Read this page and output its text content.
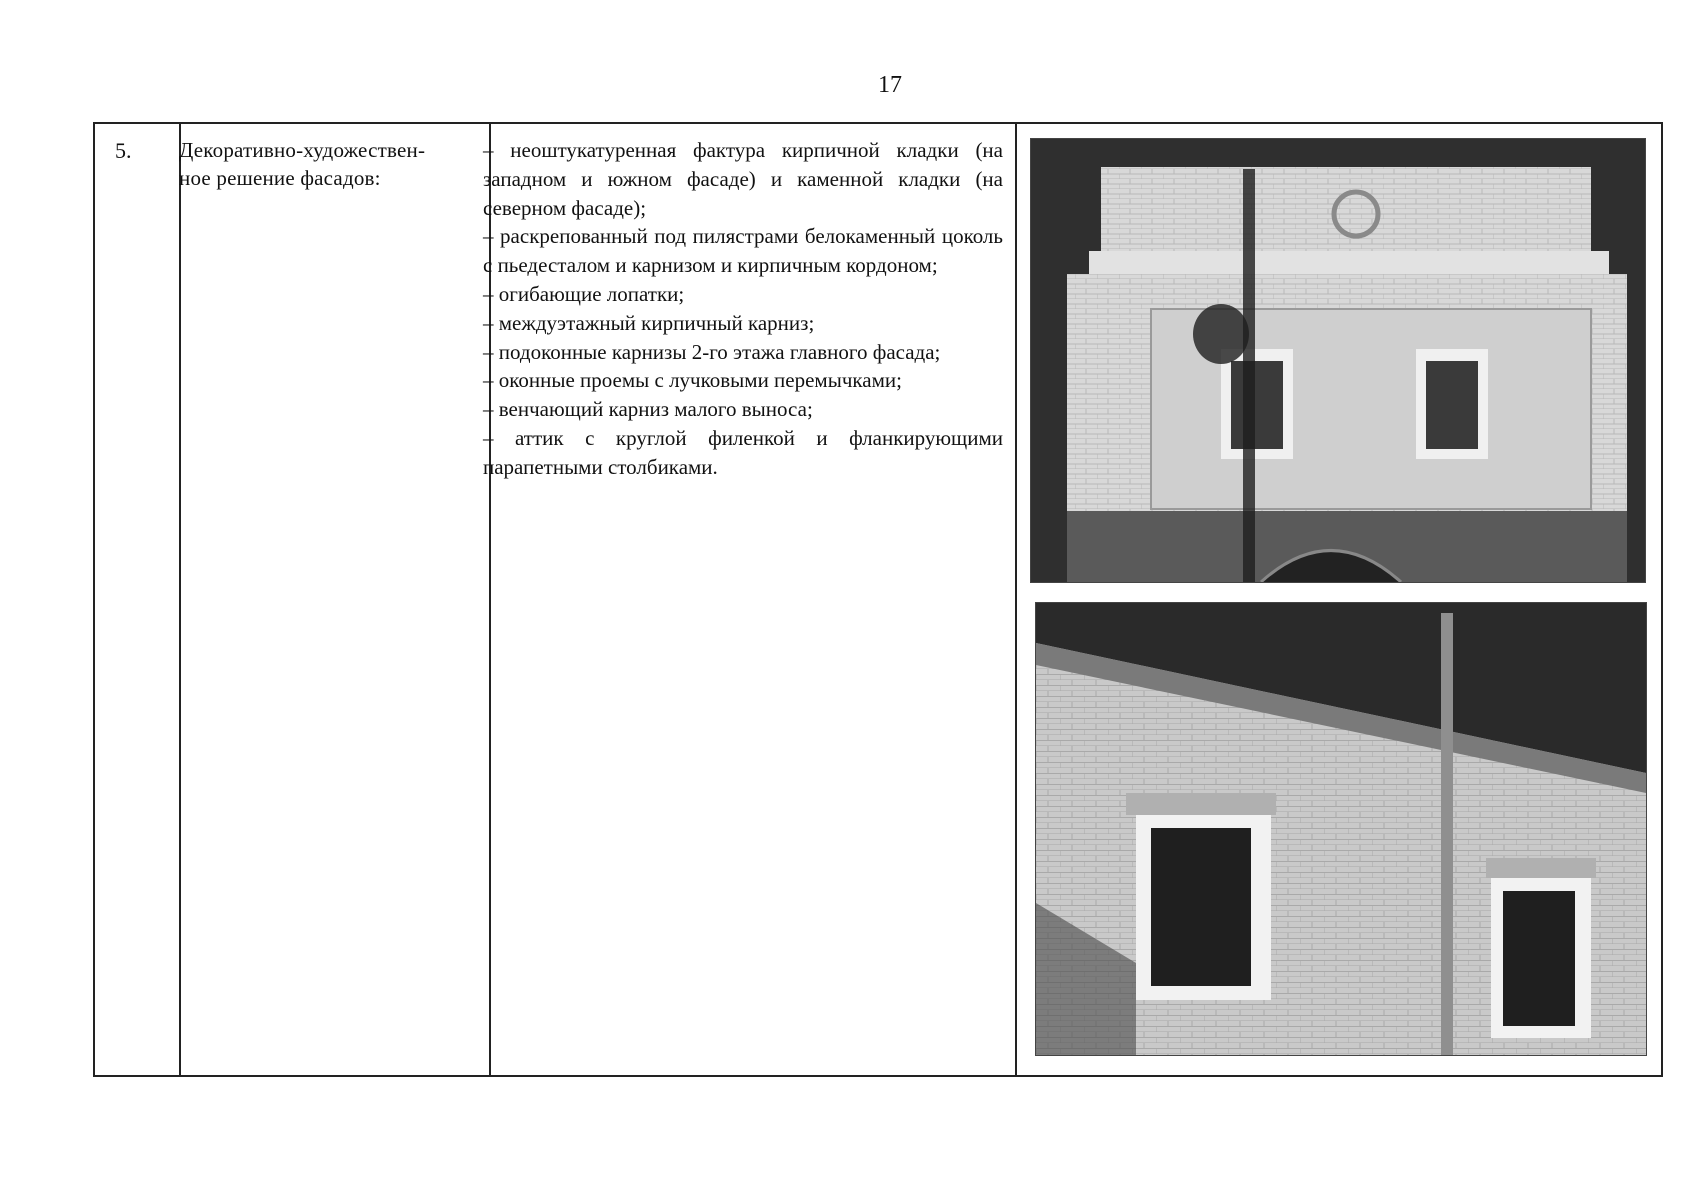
17
5. Декоративно-художествен-
ное решение фасадов:
– неоштукатуренная фактура кирпичной кладки (на западном и южном фасаде) и каменной кладки (на северном фасаде);
– раскрепованный под пилястрами белокаменный цоколь с пьедесталом и карнизом и кирпичным кордоном;
– огибающие лопатки;
– междуэтажный кирпичный карниз;
– подоконные карнизы 2-го этажа главного фасада;
– оконные проемы с лучковыми перемычками;
– венчающий карниз малого выноса;
– аттик с круглой филенкой и фланкирующими парапетными столбиками.
